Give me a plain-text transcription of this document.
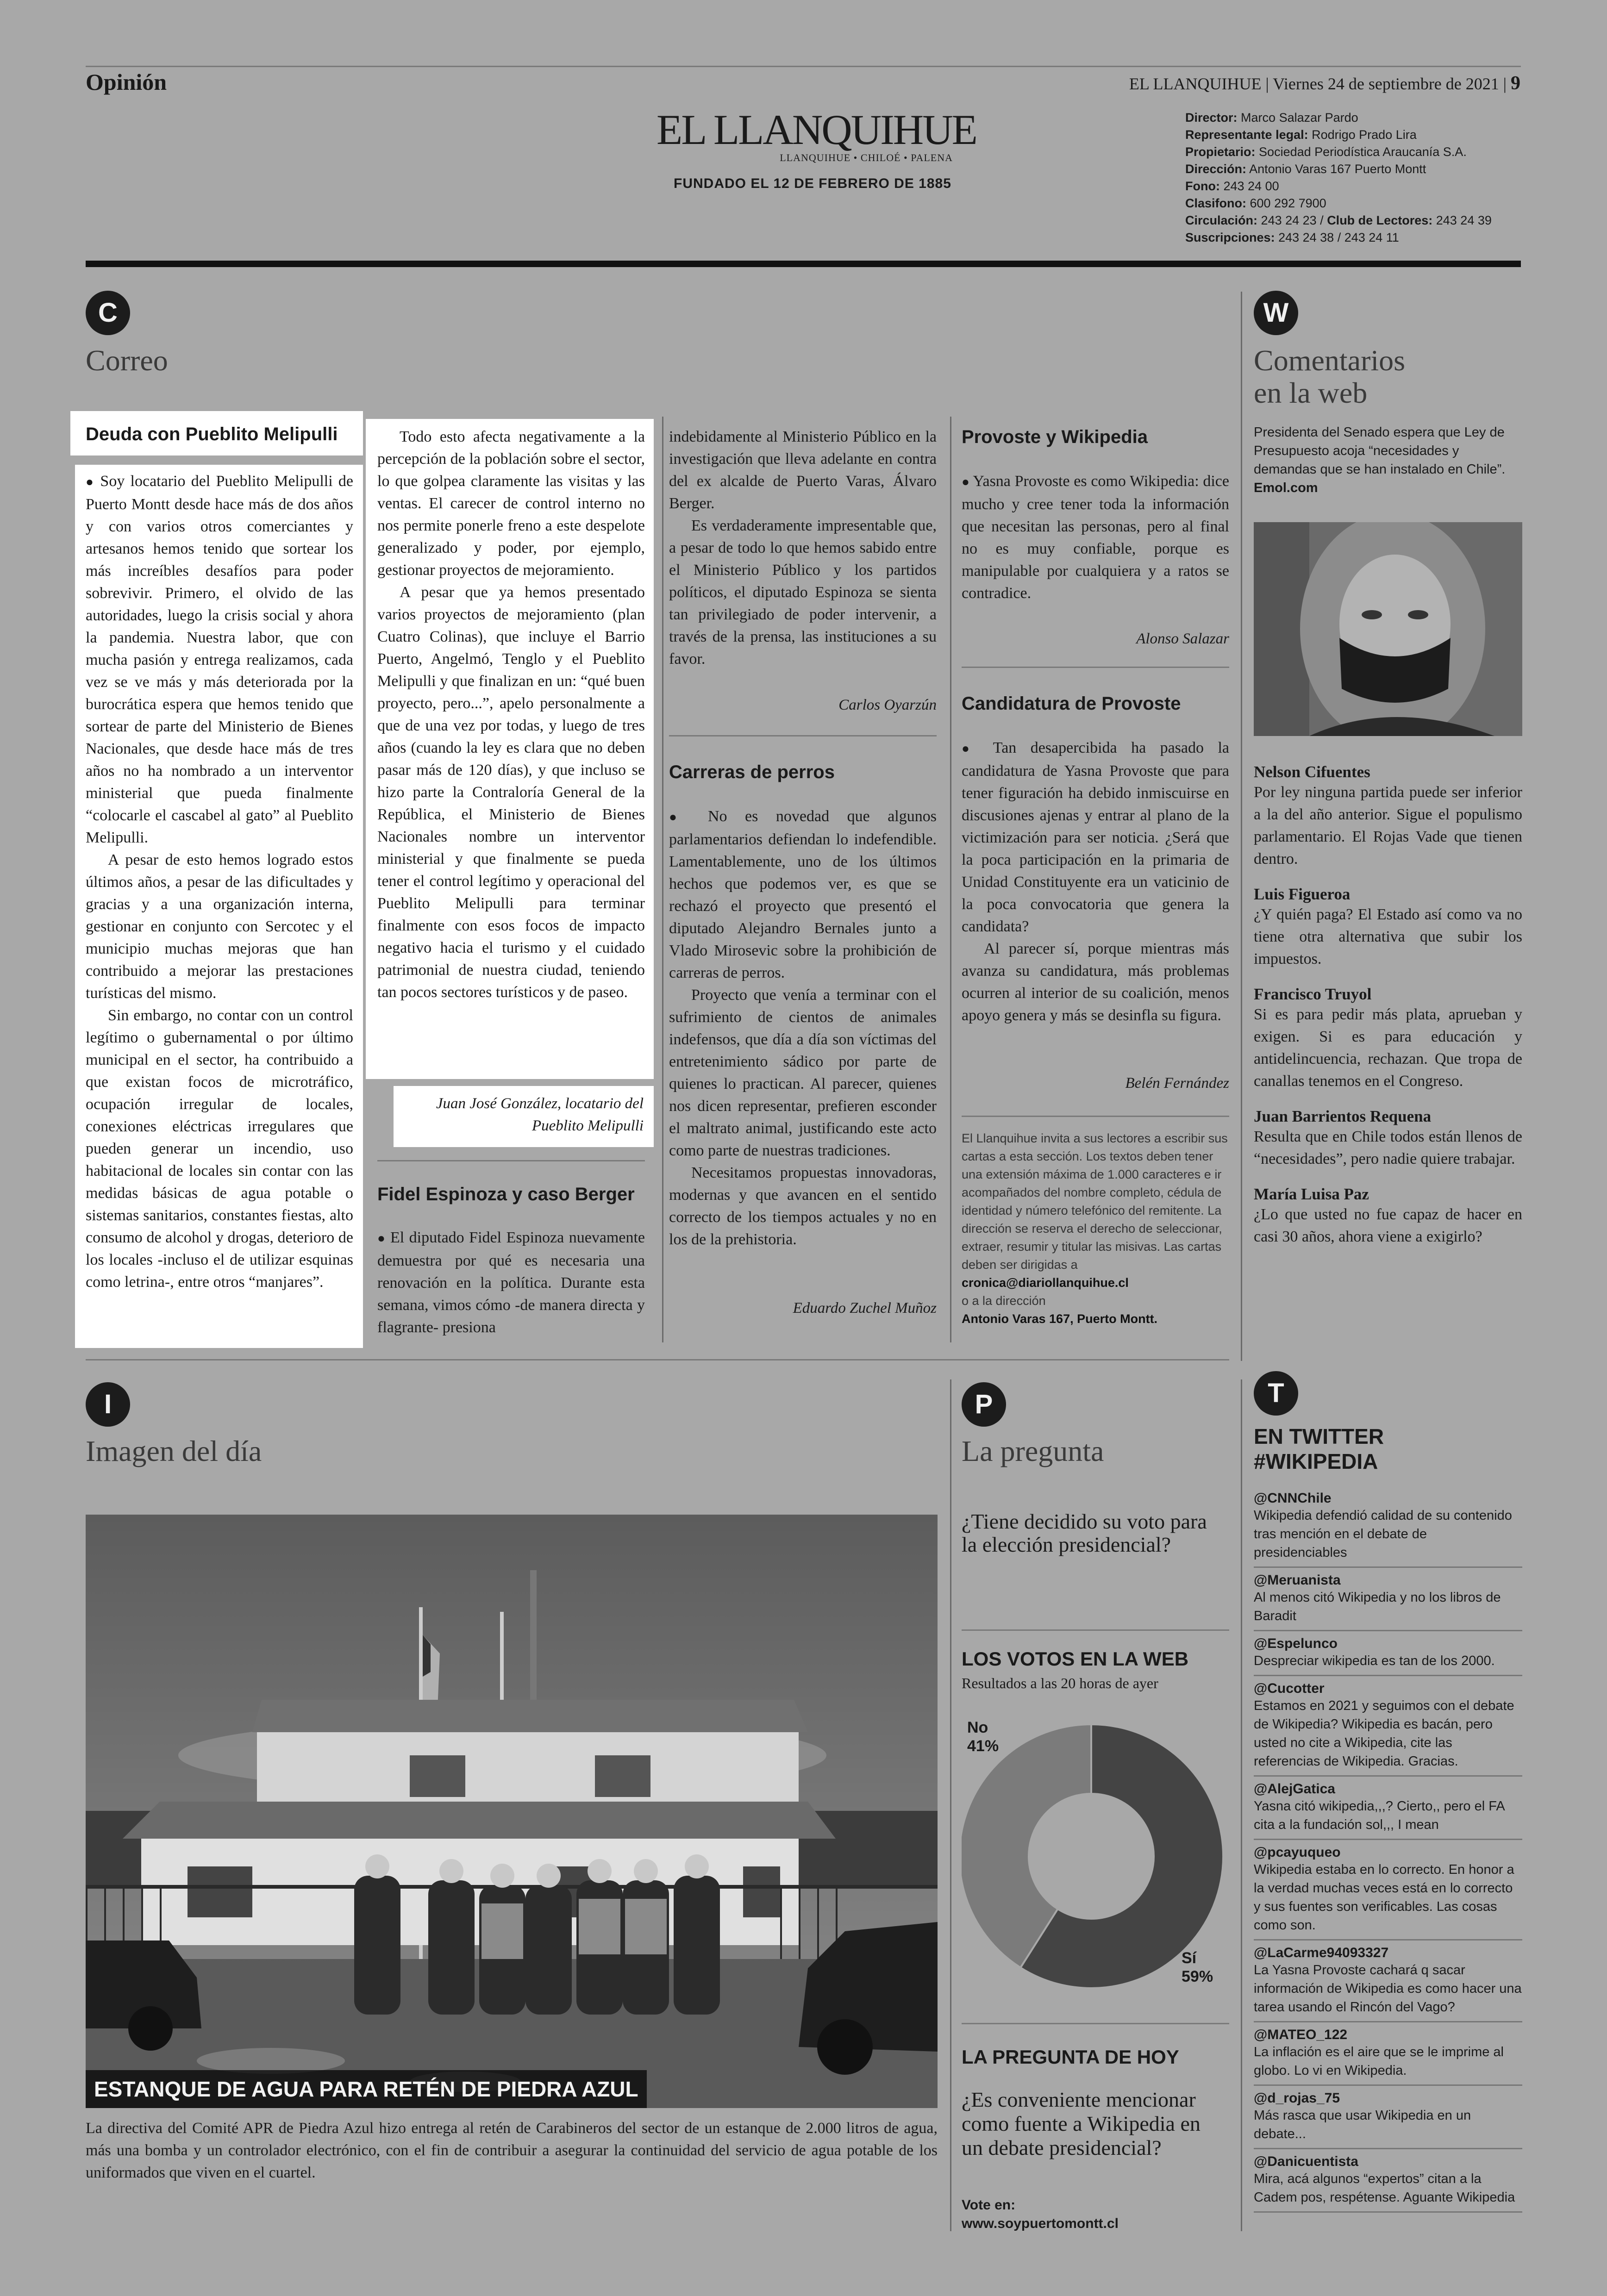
Opinión	EL LLANQUIHUE | Viernes 24 de septiembre de 2021 | 9
EL LLANQUIHUE
LLANQUIHUE • CHILOÉ • PALENA
FUNDADO EL 12 DE FEBRERO DE 1885

Director: Marco Salazar Pardo

Representante legal: Rodrigo Prado Lira

Propietario: Sociedad Periodística Araucanía S.A.

Dirección: Antonio Varas 167 Puerto Montt

Fono: 243 24 00

Clasifono: 600 292 7900

Circulación: 243 24 23 / Club de Lectores: 243 24 39

Suscripciones: 243 24 38 / 243 24 11

C
Correo

Deuda con Pueblito Melipulli

● Soy locatario del Pueblito Melipulli de Puerto Montt desde hace más de dos años y con varios otros comerciantes y artesanos hemos tenido que sortear los más increíbles desafíos para poder sobrevivir. Primero, el olvido de las autoridades, luego la crisis social y ahora la pandemia. Nuestra labor, que con mucha pasión y entrega realizamos, cada vez se ve más y más deteriorada por la burocrática espera que hemos tenido que sortear de parte del Ministerio de Bienes Nacionales, que desde hace más de tres años no ha nombrado a un interventor ministerial que pueda finalmente “colocarle el cascabel al gato” al Pueblito Melipulli.

A pesar de esto hemos logrado estos últimos años, a pesar de las dificultades y gracias y a una organización interna, gestionar en conjunto con Sercotec y el municipio muchas mejoras que han contribuido a mejorar las prestaciones turísticas del mismo.

Sin embargo, no contar con un control legítimo o gubernamental o por último municipal en el sector, ha contribuido a que existan focos de microtráfico, ocupación irregular de locales, conexiones eléctricas irregulares que pueden generar un incendio, uso habitacional de locales sin contar con las medidas básicas de agua potable o sistemas sanitarios, constantes fiestas, alto consumo de alcohol y drogas, deterioro de los locales -incluso el de utilizar esquinas como letrina-, entre otros “manjares”.

Todo esto afecta negativamente a la percepción de la población sobre el sector, lo que golpea claramente las visitas y las ventas. El carecer de control interno no nos permite ponerle freno a este despelote generalizado y poder, por ejemplo, gestionar proyectos de mejoramiento.

A pesar que ya hemos presentado varios proyectos de mejoramiento (plan Cuatro Colinas), que incluye el Barrio Puerto, Angelmó, Tenglo y el Pueblito Melipulli y que finalizan en un: “qué buen proyecto, pero...”, apelo personalmente a que de una vez por todas, y luego de tres años (cuando la ley es clara que no deben pasar más de 120 días), y que incluso se hizo parte la Contraloría General de la República, el Ministerio de Bienes Nacionales nombre un interventor ministerial y que finalmente se pueda tener el control legítimo y operacional del Pueblito Melipulli para terminar finalmente con esos focos de impacto negativo hacia el turismo y el cuidado patrimonial de nuestra ciudad, teniendo tan pocos sectores turísticos y de paseo.

Juan José González, locatario del Pueblito Melipulli

Fidel Espinoza y caso Berger

● El diputado Fidel Espinoza nuevamente demuestra por qué es necesaria una renovación en la política. Durante esta semana, vimos cómo -de manera directa y flagrante- presiona

indebidamente al Ministerio Público en la investigación que lleva adelante en contra del ex alcalde de Puerto Varas, Álvaro Berger.

Es verdaderamente impresentable que, a pesar de todo lo que hemos sabido entre el Ministerio Público y los partidos políticos, el diputado Espinoza se sienta tan privilegiado de poder intervenir, a través de la prensa, las instituciones a su favor.

Carlos Oyarzún

Carreras de perros

● No es novedad que algunos parlamentarios defiendan lo indefendible. Lamentablemente, uno de los últimos hechos que podemos ver, es que se rechazó el proyecto que presentó el diputado Alejandro Bernales junto a Vlado Mirosevic sobre la prohibición de carreras de perros.

Proyecto que venía a terminar con el sufrimiento de cientos de animales indefensos, que día a día son víctimas del entretenimiento sádico por parte de quienes lo practican. Al parecer, quienes nos dicen representar, prefieren esconder el maltrato animal, justificando este acto como parte de nuestras tradiciones.

Necesitamos propuestas innovadoras, modernas y que avancen en el sentido correcto de los tiempos actuales y no en los de la prehistoria.

Eduardo Zuchel Muñoz

Provoste y Wikipedia

● Yasna Provoste es como Wikipedia: dice mucho y cree tener toda la información que necesitan las personas, pero al final no es muy confiable, porque es manipulable por cualquiera y a ratos se contradice.

Alonso Salazar

Candidatura de Provoste

● Tan desapercibida ha pasado la candidatura de Yasna Provoste que para tener figuración ha debido inmiscuirse en discusiones ajenas y entrar al plano de la victimización para ser noticia. ¿Será que la poca participación en la primaria de Unidad Constituyente era un vaticinio de la poca convocatoria que genera la candidata?

Al parecer sí, porque mientras más avanza su candidatura, más problemas ocurren al interior de su coalición, menos apoyo genera y más se desinfla su figura.

Belén Fernández

El Llanquihue invita a sus lectores a escribir sus cartas a esta sección. Los textos deben tener una extensión máxima de 1.000 caracteres e ir acompañados del nombre completo, cédula de identidad y número telefónico del remitente. La dirección se reserva el derecho de seleccionar, extraer, resumir y titular las misivas. Las cartas deben ser dirigidas a

cronica@diariollanquihue.cl

o a la dirección

Antonio Varas 167, Puerto Montt.

W
Comentarios
en la web
Presidenta del Senado espera que Ley de Presupuesto acoja “necesidades y demandas que se han instalado en Chile”.
Emol.com

Nelson Cifuentes

Por ley ninguna partida puede ser inferior a la del año anterior. Sigue el populismo parlamentario. El Rojas Vade que tienen dentro.

Luis Figueroa

¿Y quién paga? El Estado así como va no tiene otra alternativa que subir los impuestos.

Francisco Truyol

Si es para pedir más plata, aprueban y exigen. Si es para educación y antidelincuencia, rechazan. Que tropa de canallas tenemos en el Congreso.

Juan Barrientos Requena

Resulta que en Chile todos están llenos de “necesidades”, pero nadie quiere trabajar.

María Luisa Paz

¿Lo que usted no fue capaz de hacer en casi 30 años, ahora viene a exigirlo?

I
Imagen del día
ESTANQUE DE AGUA PARA RETÉN DE PIEDRA AZUL

La directiva del Comité APR de Piedra Azul hizo entrega al retén de Carabineros del sector de un estanque de 2.000 litros de agua, más una bomba y un controlador electrónico, con el fin de contribuir a asegurar la continuidad del servicio de agua potable de los uniformados que viven en el cuartel.

P
La pregunta

¿Tiene decidido su voto para la elección presidencial?

LOS VOTOS EN LA WEB

Resultados a las 20 horas de ayer

No
41%
Sí
59%

LA PREGUNTA DE HOY

¿Es conveniente mencionar como fuente a Wikipedia en un debate presidencial?

Vote en:
www.soypuertomontt.cl
T
EN TWITTER
#WIKIPEDIA

@CNNChile

Wikipedia defendió calidad de su contenido tras mención en el debate de presidenciables

@Meruanista

Al menos citó Wikipedia y no los libros de Baradit

@Espelunco

Despreciar wikipedia es tan de los 2000.

@Cucotter

Estamos en 2021 y seguimos con el debate de Wikipedia? Wikipedia es bacán, pero usted no cite a Wikipedia, cite las referencias de Wikipedia. Gracias.

@AlejGatica

Yasna citó wikipedia,,,? Cierto,, pero el FA cita a la fundación sol,,, I mean

@pcayuqueo

Wikipedia estaba en lo correcto. En honor a la verdad muchas veces está en lo correcto y sus fuentes son verificables. Las cosas como son.

@LaCarme94093327

La Yasna Provoste cachará q sacar información de Wikipedia es como hacer una tarea usando el Rincón del Vago?

@MATEO_122

La inflación es el aire que se le imprime al globo. Lo vi en Wikipedia.

@d_rojas_75

Más rasca que usar Wikipedia en un debate...

@Danicuentista

Mira, acá algunos “expertos” citan a la Cadem pos, respétense. Aguante Wikipedia
